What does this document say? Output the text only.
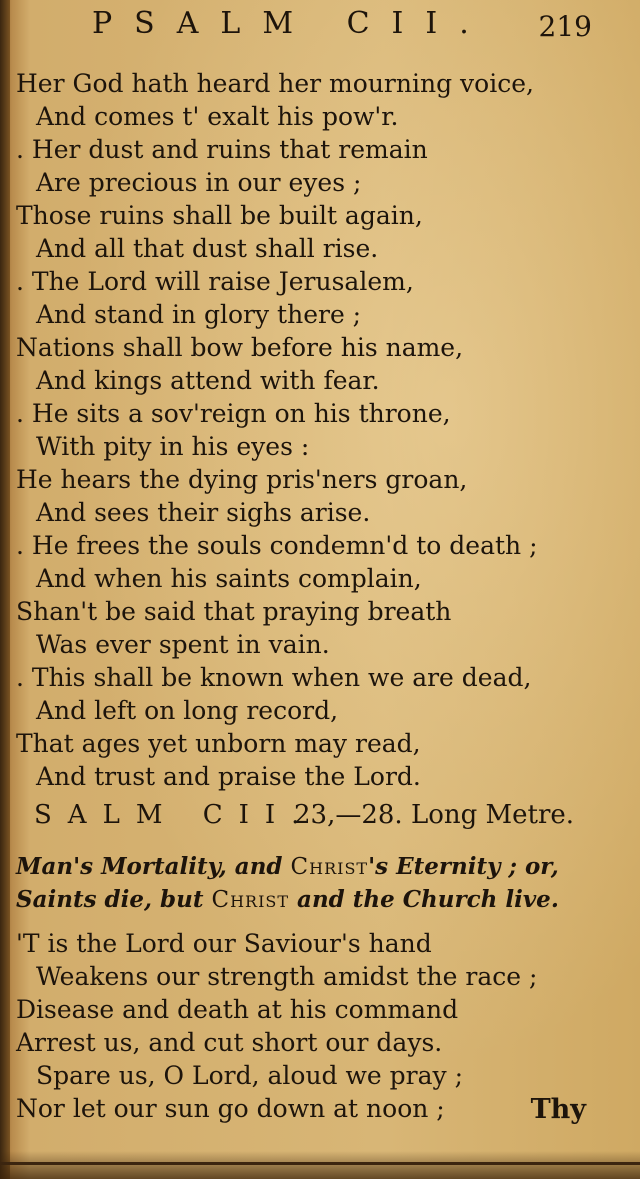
PSALM CII. 219
Her God hath heard her mourning voice,
And comes t' exalt his pow'r.
. Her dust and ruins that remain
Are precious in our eyes ;
Those ruins shall be built again,
And all that dust shall rise.
. The Lord will raise Jerusalem,
And stand in glory there ;
Nations shall bow before his name,
And kings attend with fear.
. He sits a sov'reign on his throne,
With pity in his eyes :
He hears the dying pris'ners groan,
And sees their sighs arise.
. He frees the souls condemn'd to death ;
And when his saints complain,
Shan't be said that praying breath
Was ever spent in vain.
. This shall be known when we are dead,
And left on long record,
That ages yet unborn may read,
And trust and praise the Lord.
SALM CII.
23,—28. Long Metre.
Man's Mortality, and Christ's Eternity ; or,
Saints die, but Christ and the Church live.
'T is the Lord our Saviour's hand
Weakens our strength amidst the race ;
Disease and death at his command
Arrest us, and cut short our days.
Spare us, O Lord, aloud we pray ;
Nor let our sun go down at noon ;	Thy
